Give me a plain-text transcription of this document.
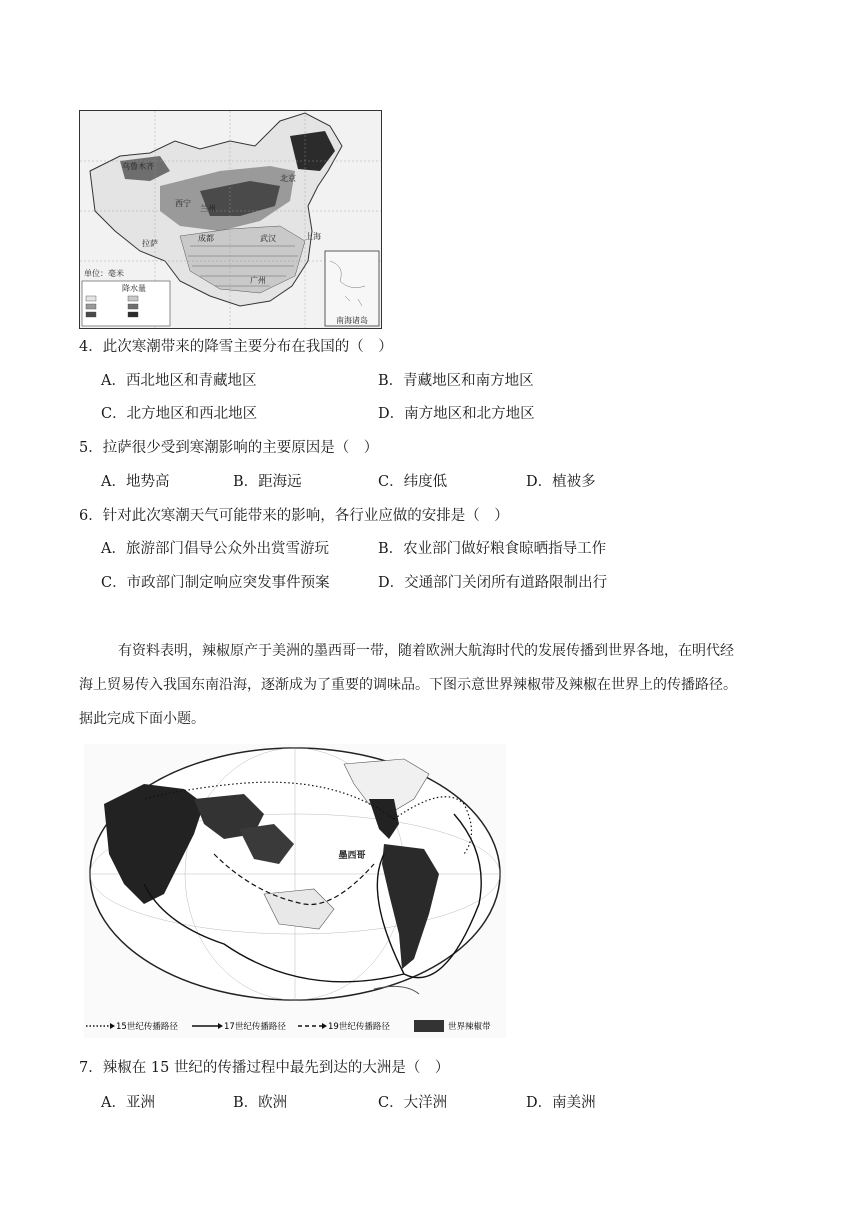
南海诸岛
乌鲁木齐
西宁
兰州
拉萨
成都
北京
上海
武汉
广州
单位：毫米
降水量
4．此次寒潮带来的降雪主要分布在我国的（　）
A．西北地区和青藏地区	B．青藏地区和南方地区
C．北方地区和西北地区	D．南方地区和北方地区
5．拉萨很少受到寒潮影响的主要原因是（　）
A．地势高	B．距海远	C．纬度低	D．植被多
6．针对此次寒潮天气可能带来的影响，各行业应做的安排是（　）
A．旅游部门倡导公众外出赏雪游玩	B．农业部门做好粮食晾晒指导工作
C．市政部门制定响应突发事件预案	D．交通部门关闭所有道路限制出行
有资料表明，辣椒原产于美洲的墨西哥一带，随着欧洲大航海时代的发展传播到世界各地，在明代经
海上贸易传入我国东南沿海，逐渐成为了重要的调味品。下图示意世界辣椒带及辣椒在世界上的传播路径。
据此完成下面小题。
墨西哥
15世纪传播路径	17世纪传播路径	19世纪传播路径	世界辣椒带
7．辣椒在 15 世纪的传播过程中最先到达的大洲是（　）
A．亚洲	B．欧洲	C．大洋洲	D．南美洲
